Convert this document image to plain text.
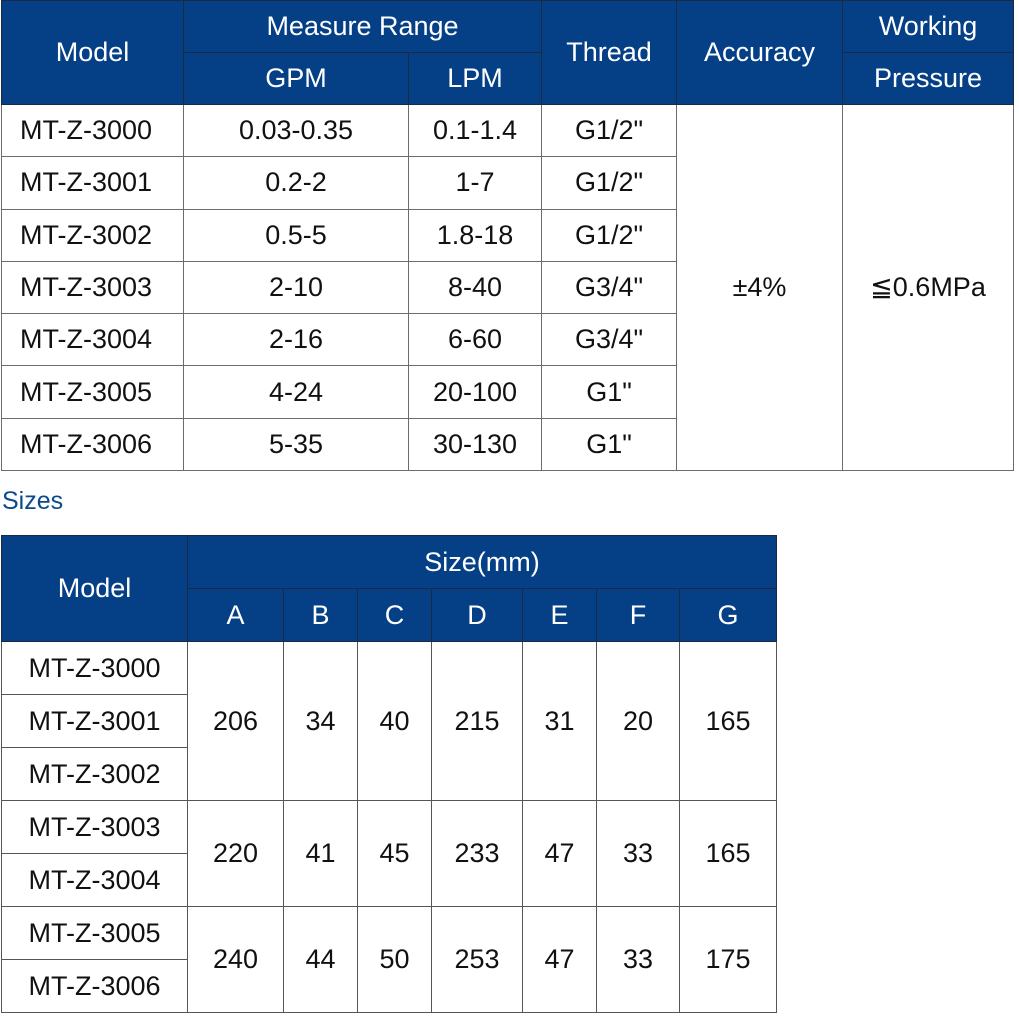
Model	Measure Range		Thread	Accuracy	Working
	GPM	LPM			Pressure
MT-Z-3000	0.03-0.35	0.1-1.4	G1/2"	±4%	≦0.6MPa
MT-Z-3001	0.2-2	1-7	G1/2"		
MT-Z-3002	0.5-5	1.8-18	G1/2"		
MT-Z-3003	2-10	8-40	G3/4"		
MT-Z-3004	2-16	6-60	G3/4"		
MT-Z-3005	4-24	20-100	G1"		
MT-Z-3006	5-35	30-130	G1"		
Sizes
Model	Size(mm)						
	A	B	C	D	E	F	G
MT-Z-3000	206	34	40	215	31	20	165
MT-Z-3001							
MT-Z-3002							
MT-Z-3003	220	41	45	233	47	33	165
MT-Z-3004							
MT-Z-3005	240	44	50	253	47	33	175
MT-Z-3006							
